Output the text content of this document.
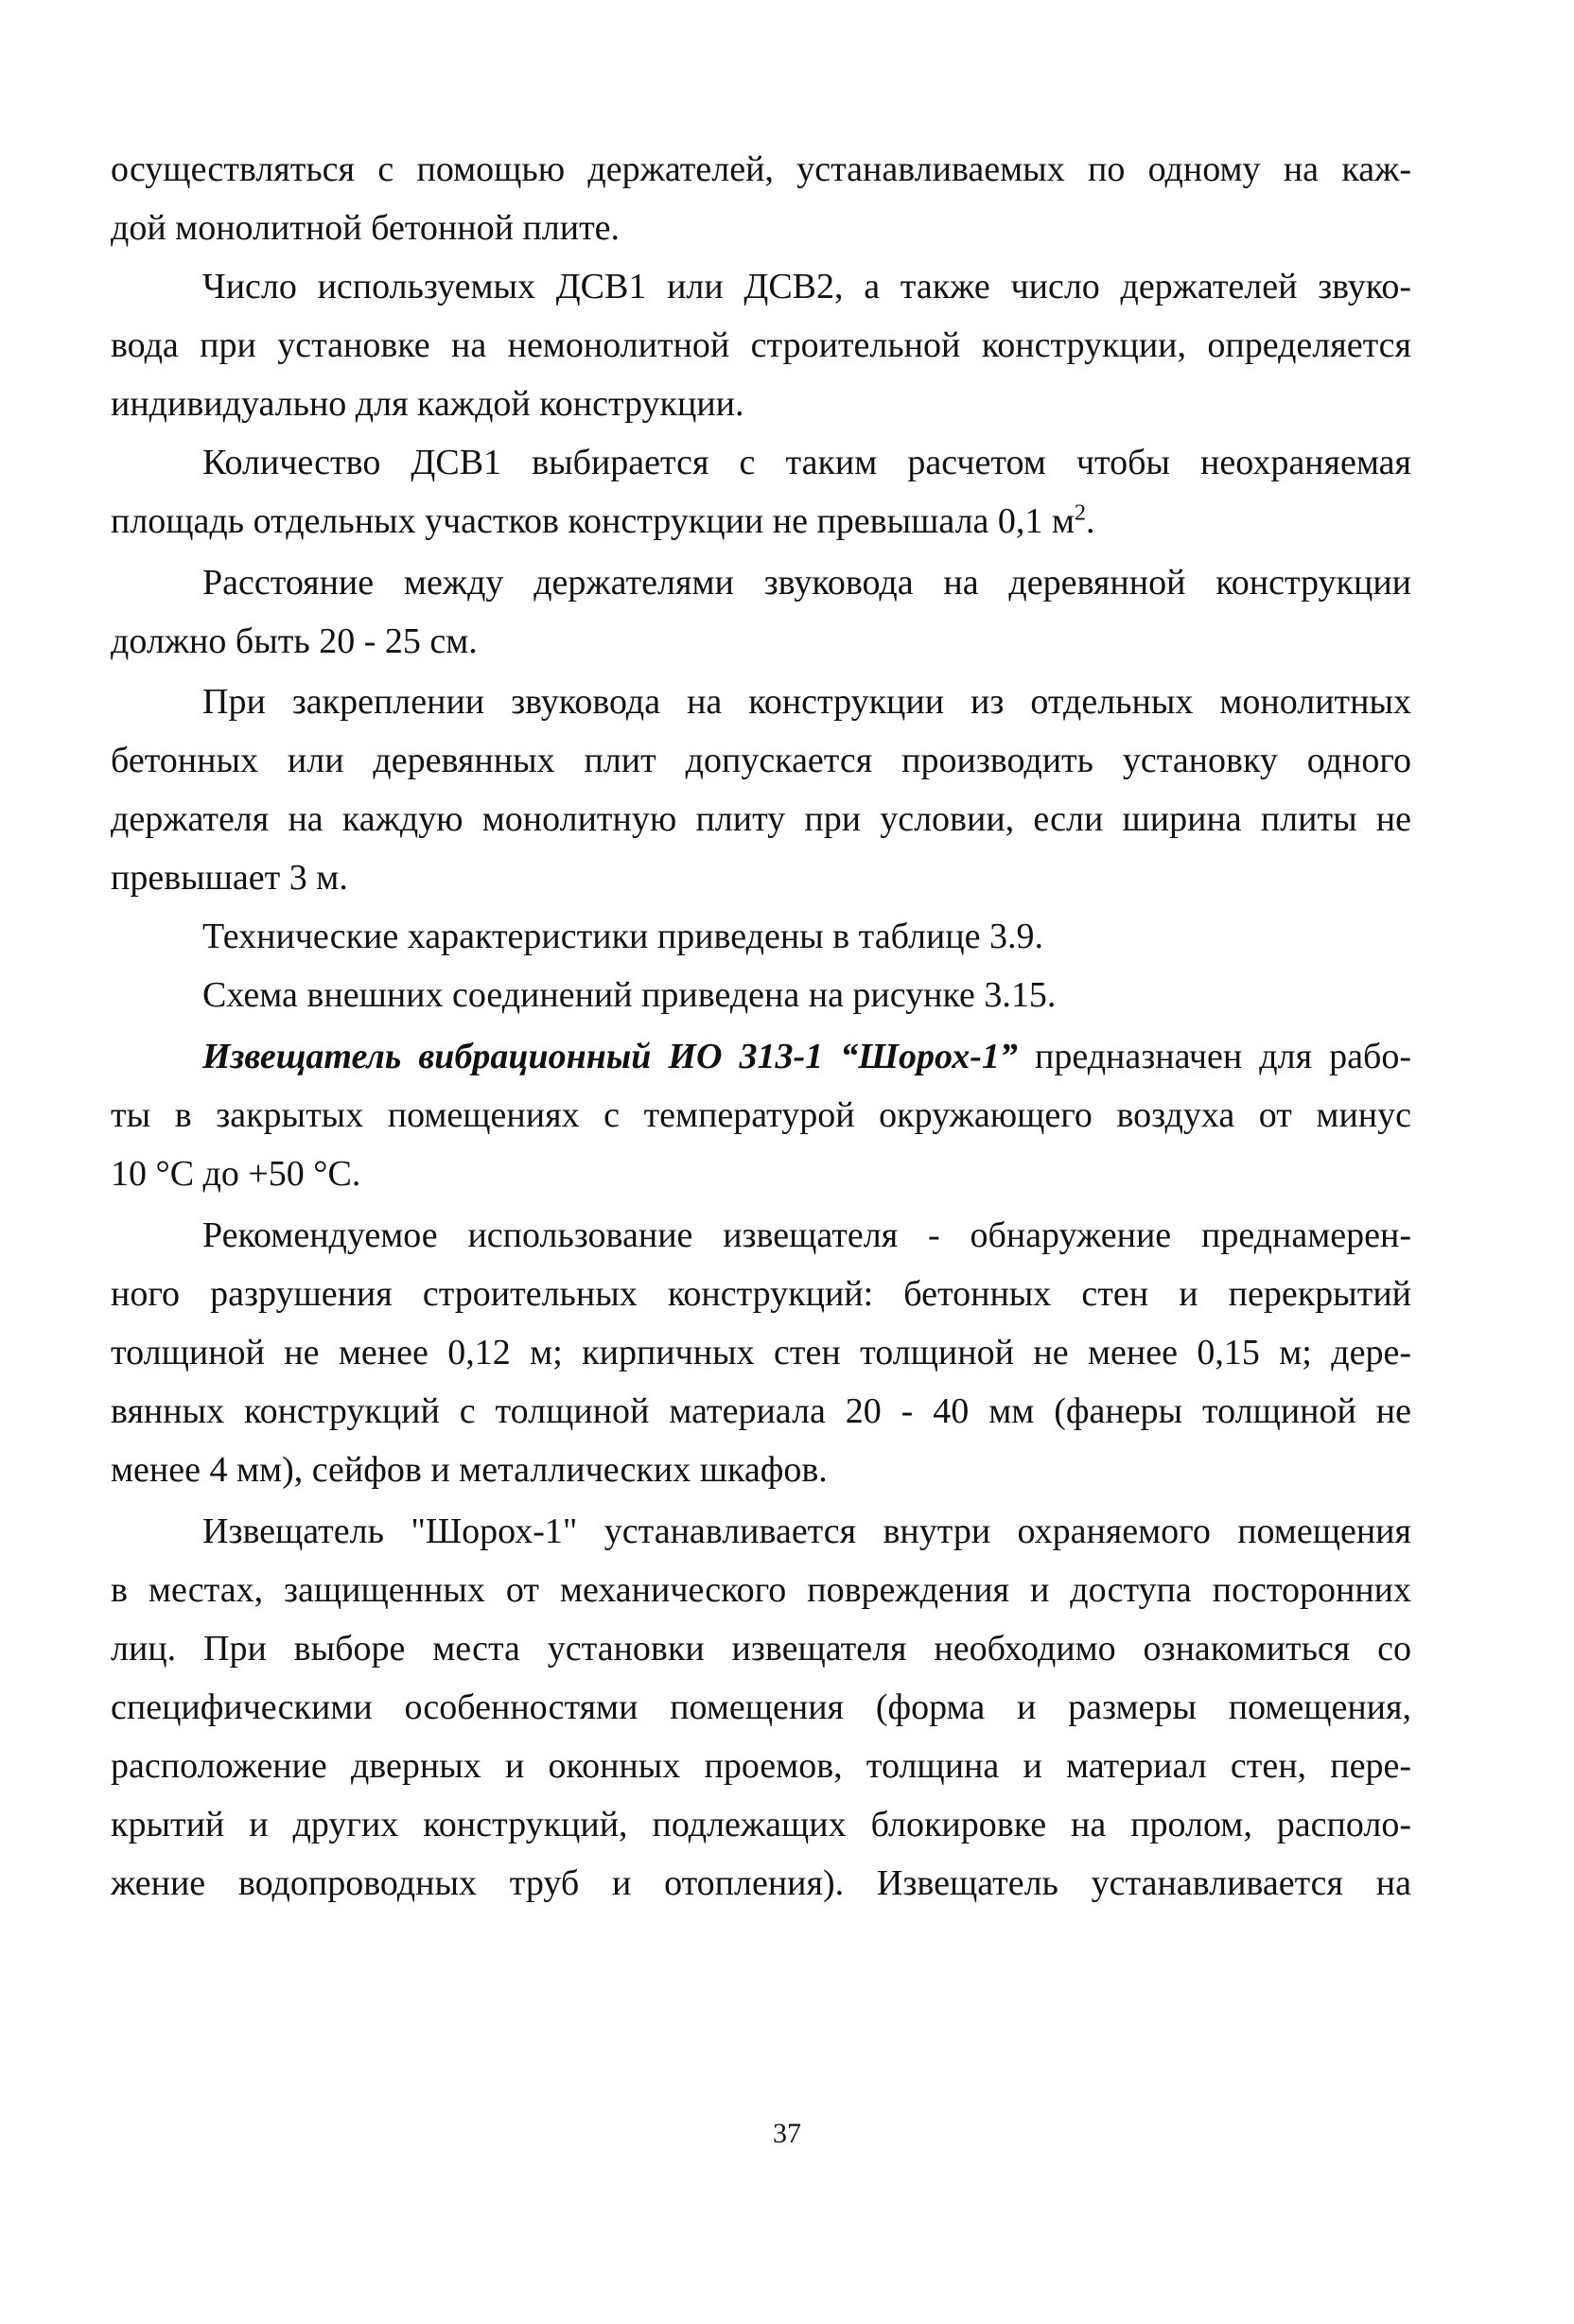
осуществляться с помощью держателей, устанавливаемых по одному на каж-
дой монолитной бетонной плите.
Число используемых ДСВ1 или ДСВ2, а также число держателей звуко-
вода при установке на немонолитной строительной конструкции, определяется
индивидуально для каждой конструкции.
Количество ДСВ1 выбирается с таким расчетом чтобы неохраняемая
площадь отдельных участков конструкции не превышала 0,1 $м^2$.
Расстояние между держателями звуковода на деревянной конструкции
должно быть 20 - 25 см.
При закреплении звуковода на конструкции из отдельных монолитных
бетонных или деревянных плит допускается производить установку одного
держателя на каждую монолитную плиту при условии, если ширина плиты не
превышает 3 м.
Технические характеристики приведены в таблице 3.9.
Схема внешних соединений приведена на рисунке 3.15.
Извещатель вибрационный ИО 313-1 “Шорох-1” предназначен для рабо-
ты в закрытых помещениях с температурой окружающего воздуха от минус
10 °С до +50 °С.
Рекомендуемое использование извещателя - обнаружение преднамерен-
ного разрушения строительных конструкций: бетонных стен и перекрытий
толщиной не менее 0,12 м; кирпичных стен толщиной не менее 0,15 м; дере-
вянных конструкций с толщиной материала 20 - 40 мм (фанеры толщиной не
менее 4 мм), сейфов и металлических шкафов.
Извещатель "Шорох-1" устанавливается внутри охраняемого помещения
в местах, защищенных от механического повреждения и доступа посторонних
лиц. При выборе места установки извещателя необходимо ознакомиться со
специфическими особенностями помещения (форма и размеры помещения,
расположение дверных и оконных проемов, толщина и материал стен, пере-
крытий и других конструкций, подлежащих блокировке на пролом, располо-
жение водопроводных труб и отопления). Извещатель устанавливается на
37
